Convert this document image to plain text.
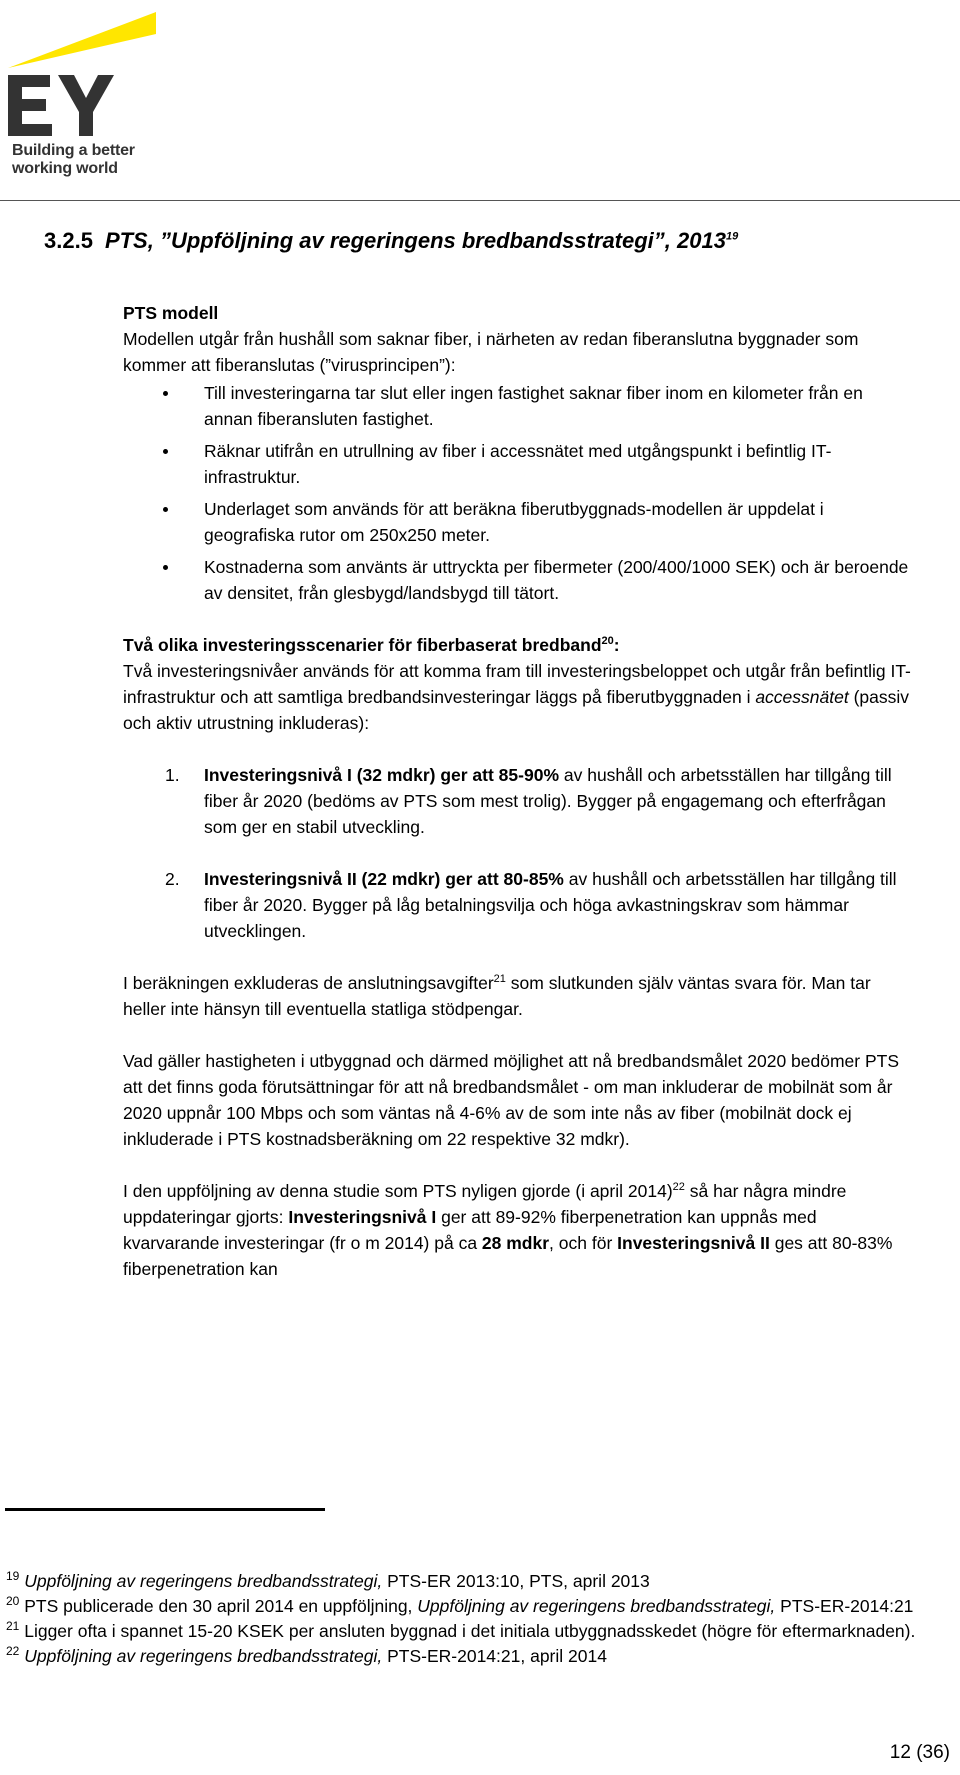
Building a better
working world
3.2.5 PTS, ”Uppföljning av regeringens bredbandsstrategi”, 2013$^{19}$

PTS modell

Modellen utgår från hushåll som saknar fiber, i närheten av redan fiberanslutna byggnader som kommer att fiberanslutas (”virusprincipen”):

Till investeringarna tar slut eller ingen fastighet saknar fiber inom en kilometer från en annan fiberansluten fastighet.
Räknar utifrån en utrullning av fiber i accessnätet med utgångspunkt i befintlig IT-infrastruktur.
Underlaget som används för att beräkna fiberutbyggnads-modellen är uppdelat i geografiska rutor om 250x250 meter.
Kostnaderna som använts är uttryckta per fibermeter (200/400/1000 SEK) och är beroende av densitet, från glesbygd/landsbygd till tätort.

Två olika investeringsscenarier för fiberbaserat bredband$^{20}$:

Två investeringsnivåer används för att komma fram till investeringsbeloppet och utgår från befintlig IT-infrastruktur och att samtliga bredbandsinvesteringar läggs på fiberutbyggnaden i accessnätet (passiv och aktiv utrustning inkluderas):

1. Investeringsnivå I (32 mdkr) ger att 85-90% av hushåll och arbetsställen har tillgång till fiber år 2020 (bedöms av PTS som mest trolig). Bygger på engagemang och efterfrågan som ger en stabil utveckling.
2. Investeringsnivå II (22 mdkr) ger att 80-85% av hushåll och arbetsställen har tillgång till fiber år 2020. Bygger på låg betalningsvilja och höga avkastningskrav som hämmar utvecklingen.

I beräkningen exkluderas de anslutningsavgifter$^{21}$ som slutkunden själv väntas svara för. Man tar heller inte hänsyn till eventuella statliga stödpengar.

Vad gäller hastigheten i utbyggnad och därmed möjlighet att nå bredbandsmålet 2020 bedömer PTS att det finns goda förutsättningar för att nå bredbandsmålet - om man inkluderar de mobilnät som år 2020 uppnår 100 Mbps och som väntas nå 4-6% av de som inte nås av fiber (mobilnät dock ej inkluderade i PTS kostnadsberäkning om 22 respektive 32 mdkr).

I den uppföljning av denna studie som PTS nyligen gjorde (i april 2014)$^{22}$ så har några mindre uppdateringar gjorts: Investeringsnivå I ger att 89-92% fiberpenetration kan uppnås med kvarvarande investeringar (fr o m 2014) på ca 28 mdkr, och för Investeringsnivå II ges att 80-83% fiberpenetration kan

$^{19}$ Uppföljning av regeringens bredbandsstrategi, PTS-ER 2013:10, PTS, april 2013
$^{20}$ PTS publicerade den 30 april 2014 en uppföljning, Uppföljning av regeringens bredbandsstrategi, PTS-ER-2014:21
$^{21}$ Ligger ofta i spannet 15-20 KSEK per ansluten byggnad i det initiala utbyggnadsskedet (högre för eftermarknaden).
$^{22}$ Uppföljning av regeringens bredbandsstrategi, PTS-ER-2014:21, april 2014
12 (36)
